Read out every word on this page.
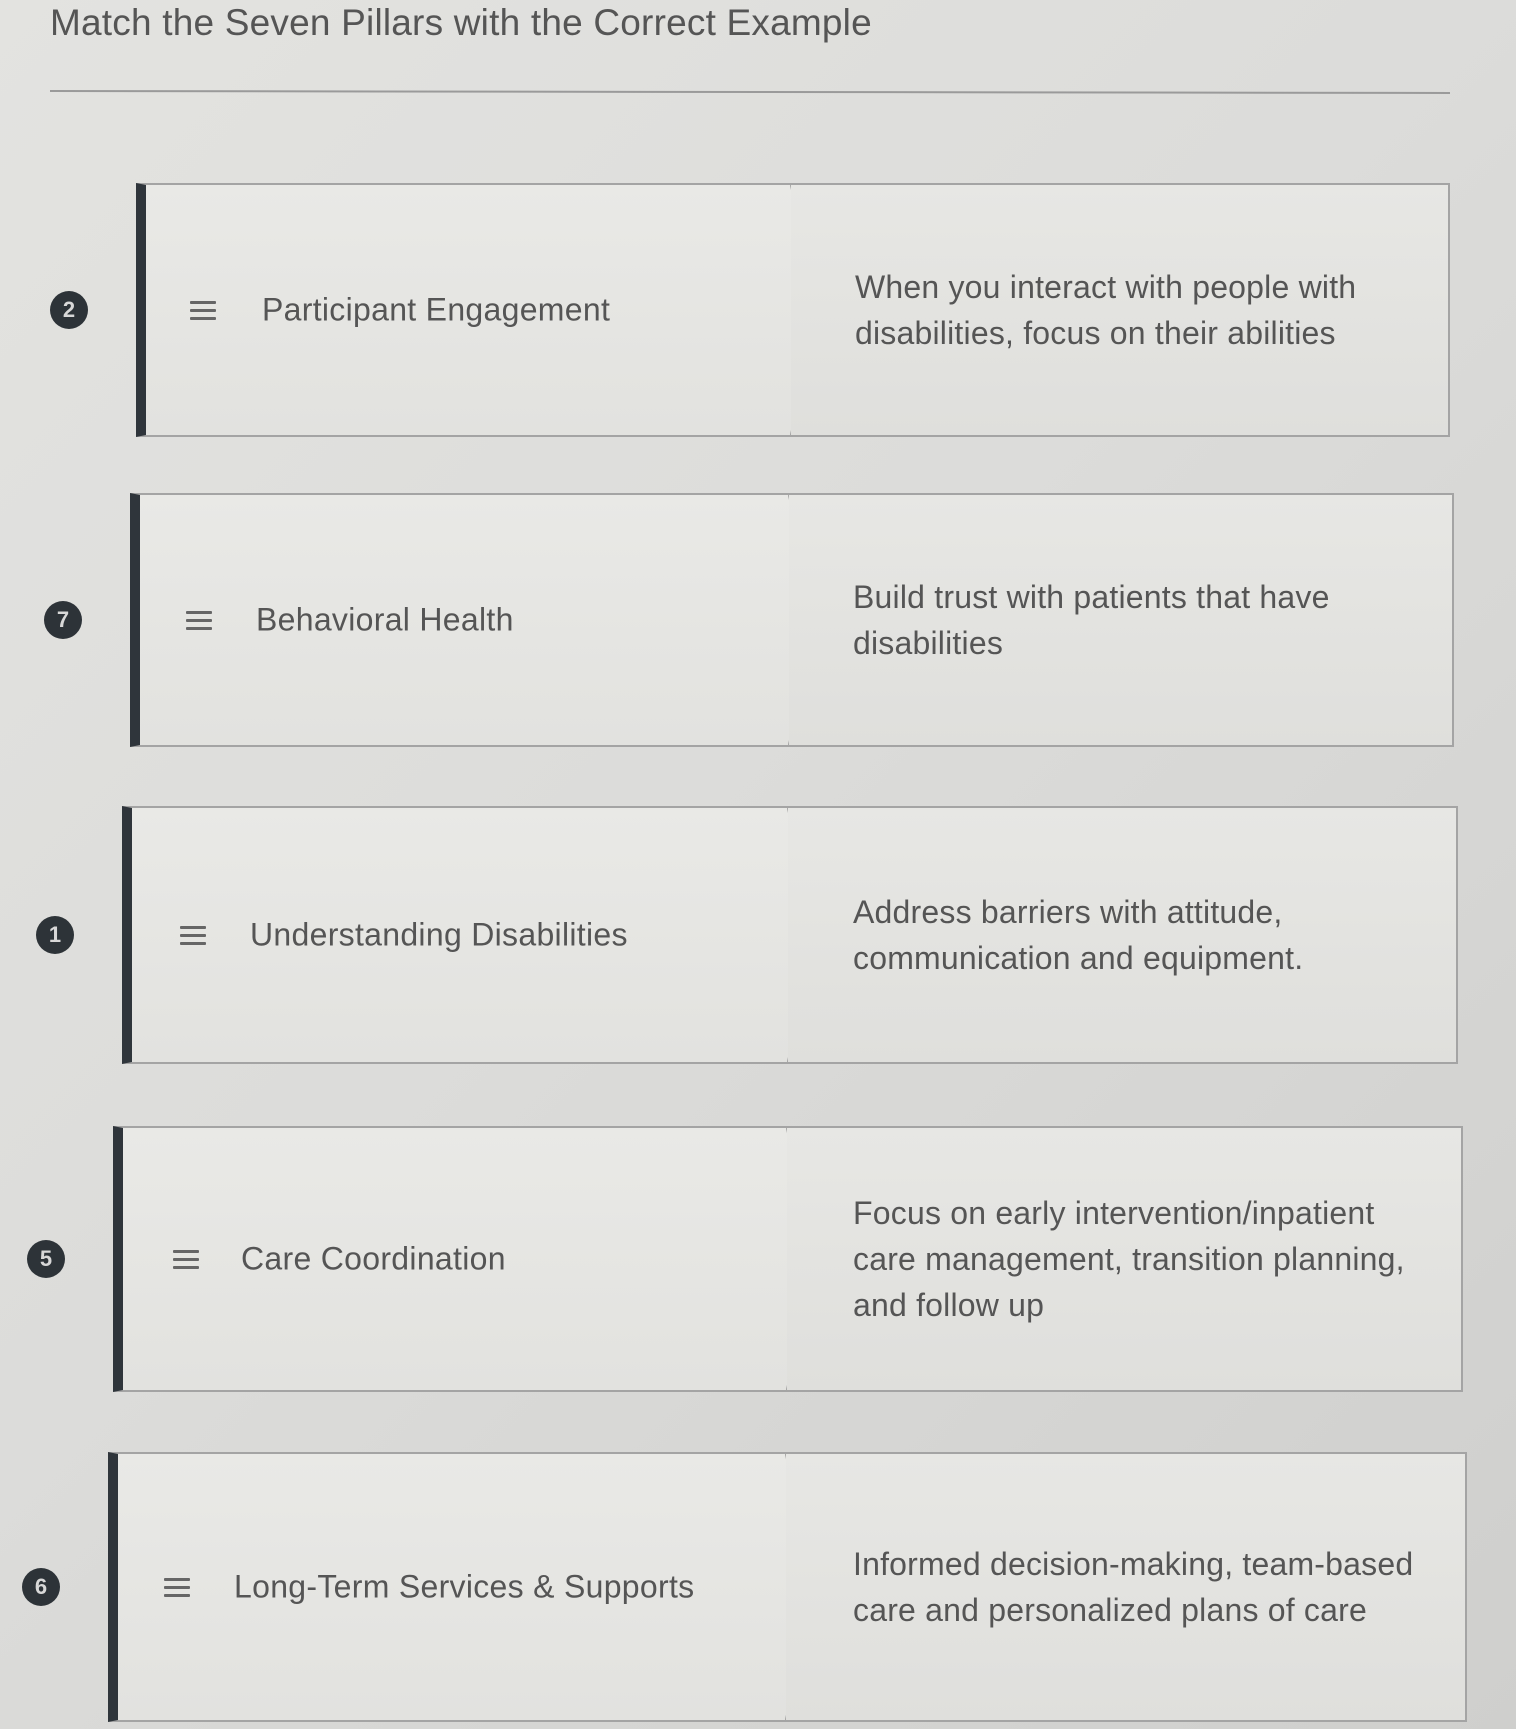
Match the Seven Pillars with the Correct Example
2	Participant Engagement
When you interact with people with disabilities, focus on their abilities
7	Behavioral Health
Build trust with patients that have disabilities
1	Understanding Disabilities
Address barriers with attitude, communication and equipment.
5	Care Coordination
Focus on early intervention/inpatient care management, transition planning, and follow up
6	Long-Term Services & Supports
Informed decision-making, team-based care and personalized plans of care
